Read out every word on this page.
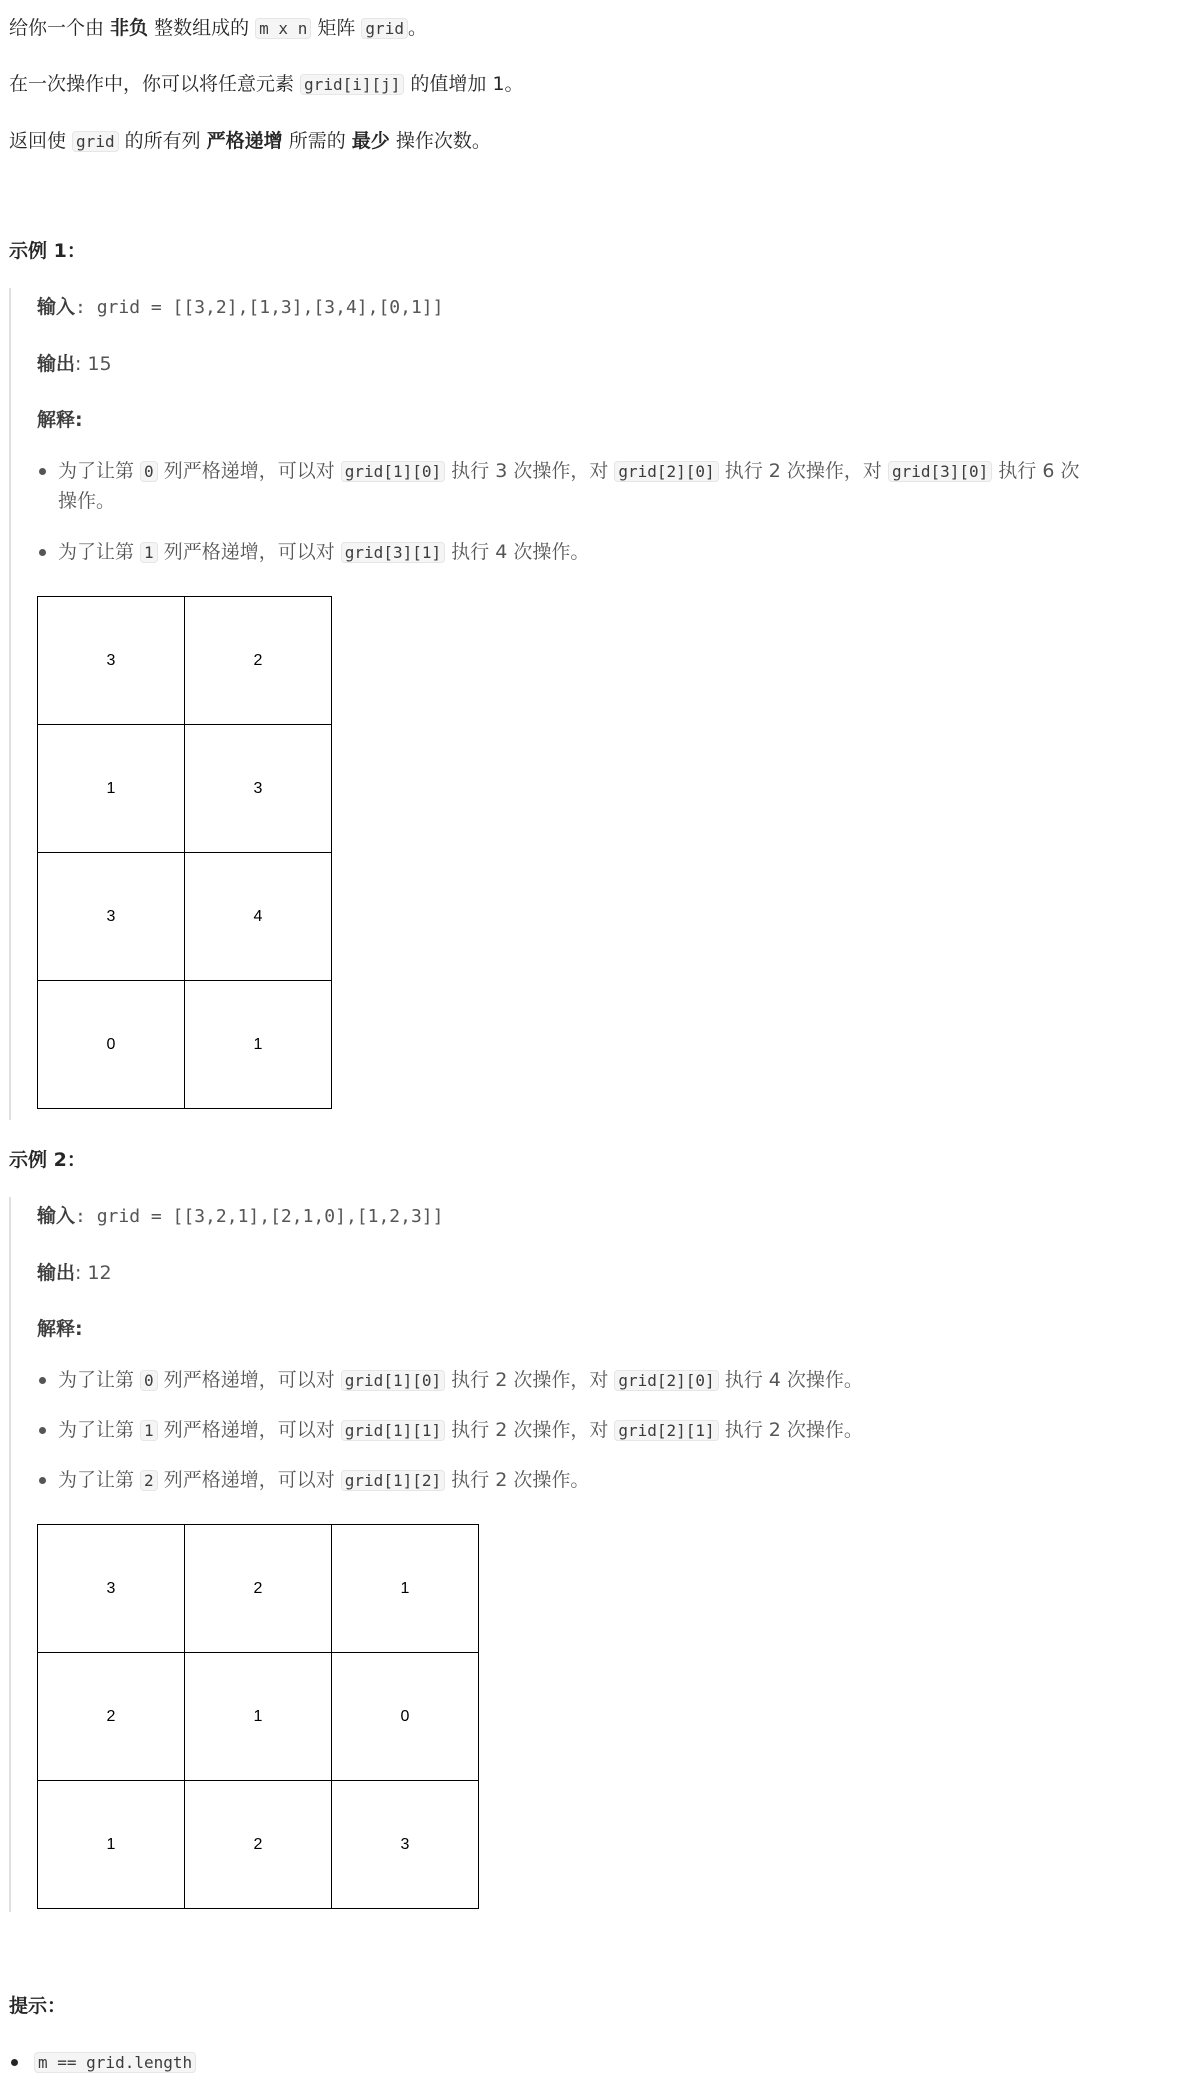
给你一个由 非负 整数组成的 m x n 矩阵 grid 。
在一次操作中，你可以将任意元素 grid[i][j] 的值增加 1。
返回使 grid 的所有列 严格递增 所需的 最少 操作次数。
示例 1：
输入: grid = [[3,2],[1,3],[3,4],[0,1]]
输出: 15
解释:
为了让第 0 列严格递增，可以对 grid[1][0] 执行 3 次操作，对 grid[2][0] 执行 2 次操作，对 grid[3][0] 执行 6 次
操作。
为了让第 1 列严格递增，可以对 grid[3][1] 执行 4 次操作。
3	2
1	3
3	4
0	1
示例 2：
输入: grid = [[3,2,1],[2,1,0],[1,2,3]]
输出: 12
解释:
为了让第 0 列严格递增，可以对 grid[1][0] 执行 2 次操作，对 grid[2][0] 执行 4 次操作。
为了让第 1 列严格递增，可以对 grid[1][1] 执行 2 次操作，对 grid[2][1] 执行 2 次操作。
为了让第 2 列严格递增，可以对 grid[1][2] 执行 2 次操作。
3	2	1
2	1	0
1	2	3
提示：
m == grid.length
